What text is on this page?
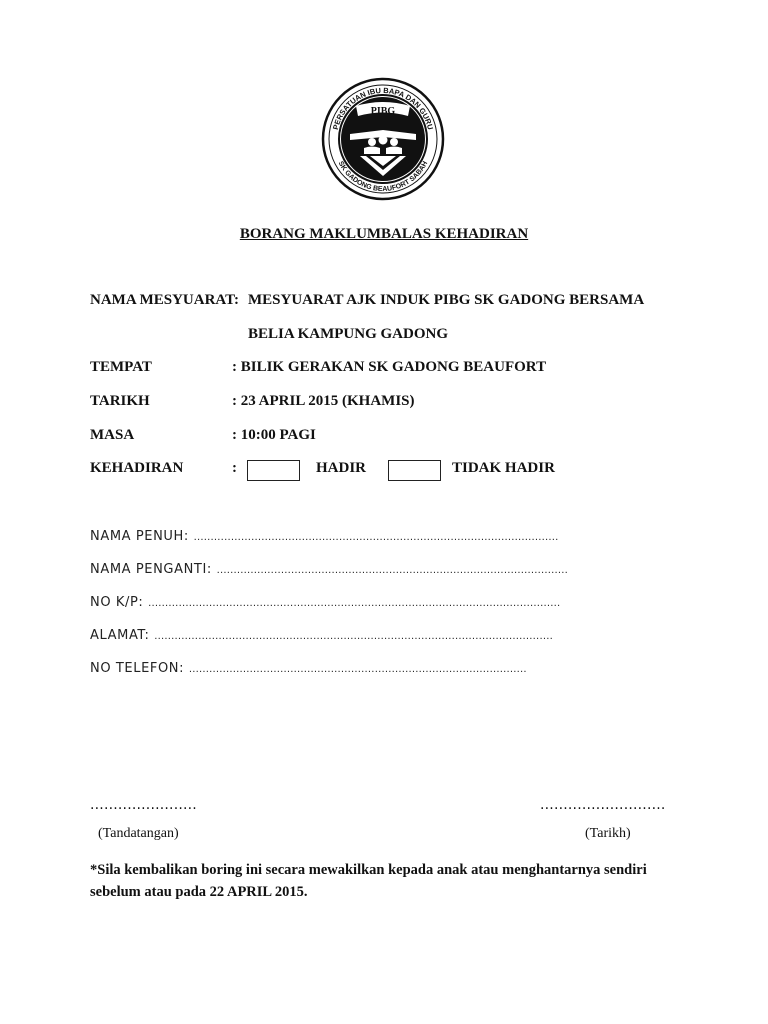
PERSATUAN IBU BAPA DAN GURU
SK GADONG BEAUFORT SABAH
PIBG
BORANG MAKLUMBALAS KEHADIRAN
NAMA MESYUARAT: MESYUARAT AJK INDUK PIBG SK GADONG BERSAMA
BELIA KAMPUNG GADONG
TEMPAT	: BILIK GERAKAN SK GADONG BEAUFORT
TARIKH	: 23 APRIL 2015 (KHAMIS)
MASA	: 10:00 PAGI
KEHADIRAN	:	HADIR	TIDAK HADIR
NAMA PENUH: ............................................................................................................
NAMA PENGANTI: ........................................................................................................
NO K/P: ..........................................................................................................................
ALAMAT: ......................................................................................................................
NO TELEFON: ....................................................................................................
.......................	...........................
(Tandatangan)	(Tarikh)
*Sila kembalikan boring ini secara mewakilkan kepada anak atau menghantarnya sendiri sebelum atau pada 22 APRIL 2015.
